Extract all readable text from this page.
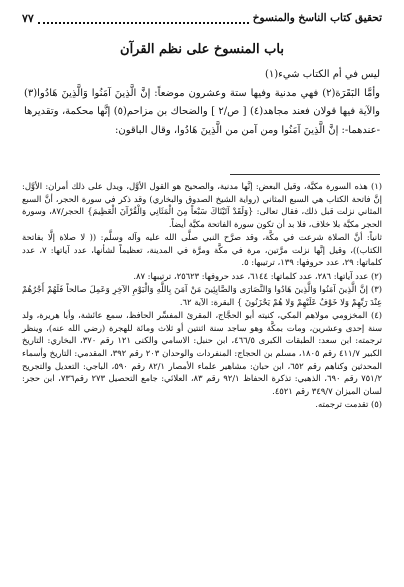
٧٧	تحقيق كتاب الناسخ والمنسوخ
باب المنسوخ على نظم القرآن

ليس في أم الكتاب شيء(١)

وأمَّا البَقَرَة(٢) فهي مدنية وفيها ستة وعشرون موضعاً: إنَّ الَّذِينَ آمَنُوا وَالَّذِينَ هَادُوا(٣) والآية فيها قولان فعند مجاهد(٤) [ ص/٢ ] والضحاك بن مزاحم(٥) إنَّها محكمة، وتقديرها -عندهما-: إنَّ الَّذِينَ آمَنُوا ومن آمن من الَّذِينَ هَادُوا، وقال الباقون:

(١) هذه السورة مكيَّة، وقيل البعض: إنَّها مدنية، والصحيح هو القول الأوَّل، ويدل على ذلك أمران: الأوَّل: إنَّ فاتحة الكتاب هي السبع المثاني (رواية الشيخ الصدوق والبخاري) وقد ذكر في سورة الحجر، أنَّ السبع المثاني نزلت قبل ذلك، فقال تعالى: {وَلَقَدْ آتَيْنَاكَ سَبْعاً مِنَ الْمَثَانِي وَالْقُرْآنَ الْعَظِيمَ} الحجر/٨٧، وسورة الحجر مكيَّة بلا خلاف، فلا بد أن تكون سورة الفاتحة مكيَّة أيضاً.

ثانياً: أنَّ الصلاة شرعت في مكَّة، وقد صرَّح النبي صلَّى الله عليه وآله وسلَّم: (( لا صلاة إلَّا بفاتحة الكتاب))، وقيل إنَّها نزلت مرَّتين، مرة في مكَّة ومرَّة في المدينة، تعظيماً لشأنها، عدد آياتها: ٧، عدد كلماتها: ٢٩، عدد حروفها: ١٣٩، ترتيبها: ٥.

(٢) عدد آياتها: ٢٨٦، عدد كلماتها: ٦١٤٤، عدد حروفها: ٢٥٦٢٣، ترتيبها: ٨٧.

(٣) إنَّ الَّذِينَ آمَنُوا وَالَّذِينَ هَادُوا وَالنَّصَارَى وَالصَّابِئِينَ مَنْ آمَنَ بِاللَّهِ وَالْيَوْمِ الآخِرِ وَعَمِلَ صالحاً فَلَهُمْ أَجْرُهُمْ عِنْدَ رَبِّهِمْ وَلا خَوْفٌ عَلَيْهِمْ وَلا هُمْ يَحْزَنُونَ } البقرة: الآية ٦٢.

(٤) المخزومي مولاهم المكي، كنيته أبو الحجَّاج، المقرئ المفسِّر الحافظ، سمع عائشة، وأبا هريرة، ولد سنة إحدى وعشرين، ومات بمكَّة وهو ساجد سنة اثنتين أو ثلاث ومائة للهجرة (رضي الله عنه)، وينظر ترجمته: ابن سعد: الطبقات الكبرى ٤٦٦/٥، ابن حنبل: الاسامي والكنى ١٢١ رقم ٣٧٠، البخاري: التاريخ الكبير ٤١١/٧ رقم ١٨٠٥، مسلم بن الحجاج: المنفردات والوحدان ٢٠٣ رقم ٣٩٢، المقدمي: التاريخ وأسماء المحدثين وكناهم رقم ٦٥٢، ابن حبان: مشاهير علماء الأمصار ٨٢/١ رقم ٥٩٠، الباجي: التعديل والتجريح ٧٥١/٢ رقم ٦٩٠، الذهبي: تذكرة الحفاظ ٩٢/١ رقم ٨٣، العلائي: جامع التحصيل ٢٧٣ رقم٧٣٦، ابن حجر: لسان الميزان ٣٤٩/٧ رقم ٤٥٢١.

(٥) تقدمت ترجمته.
